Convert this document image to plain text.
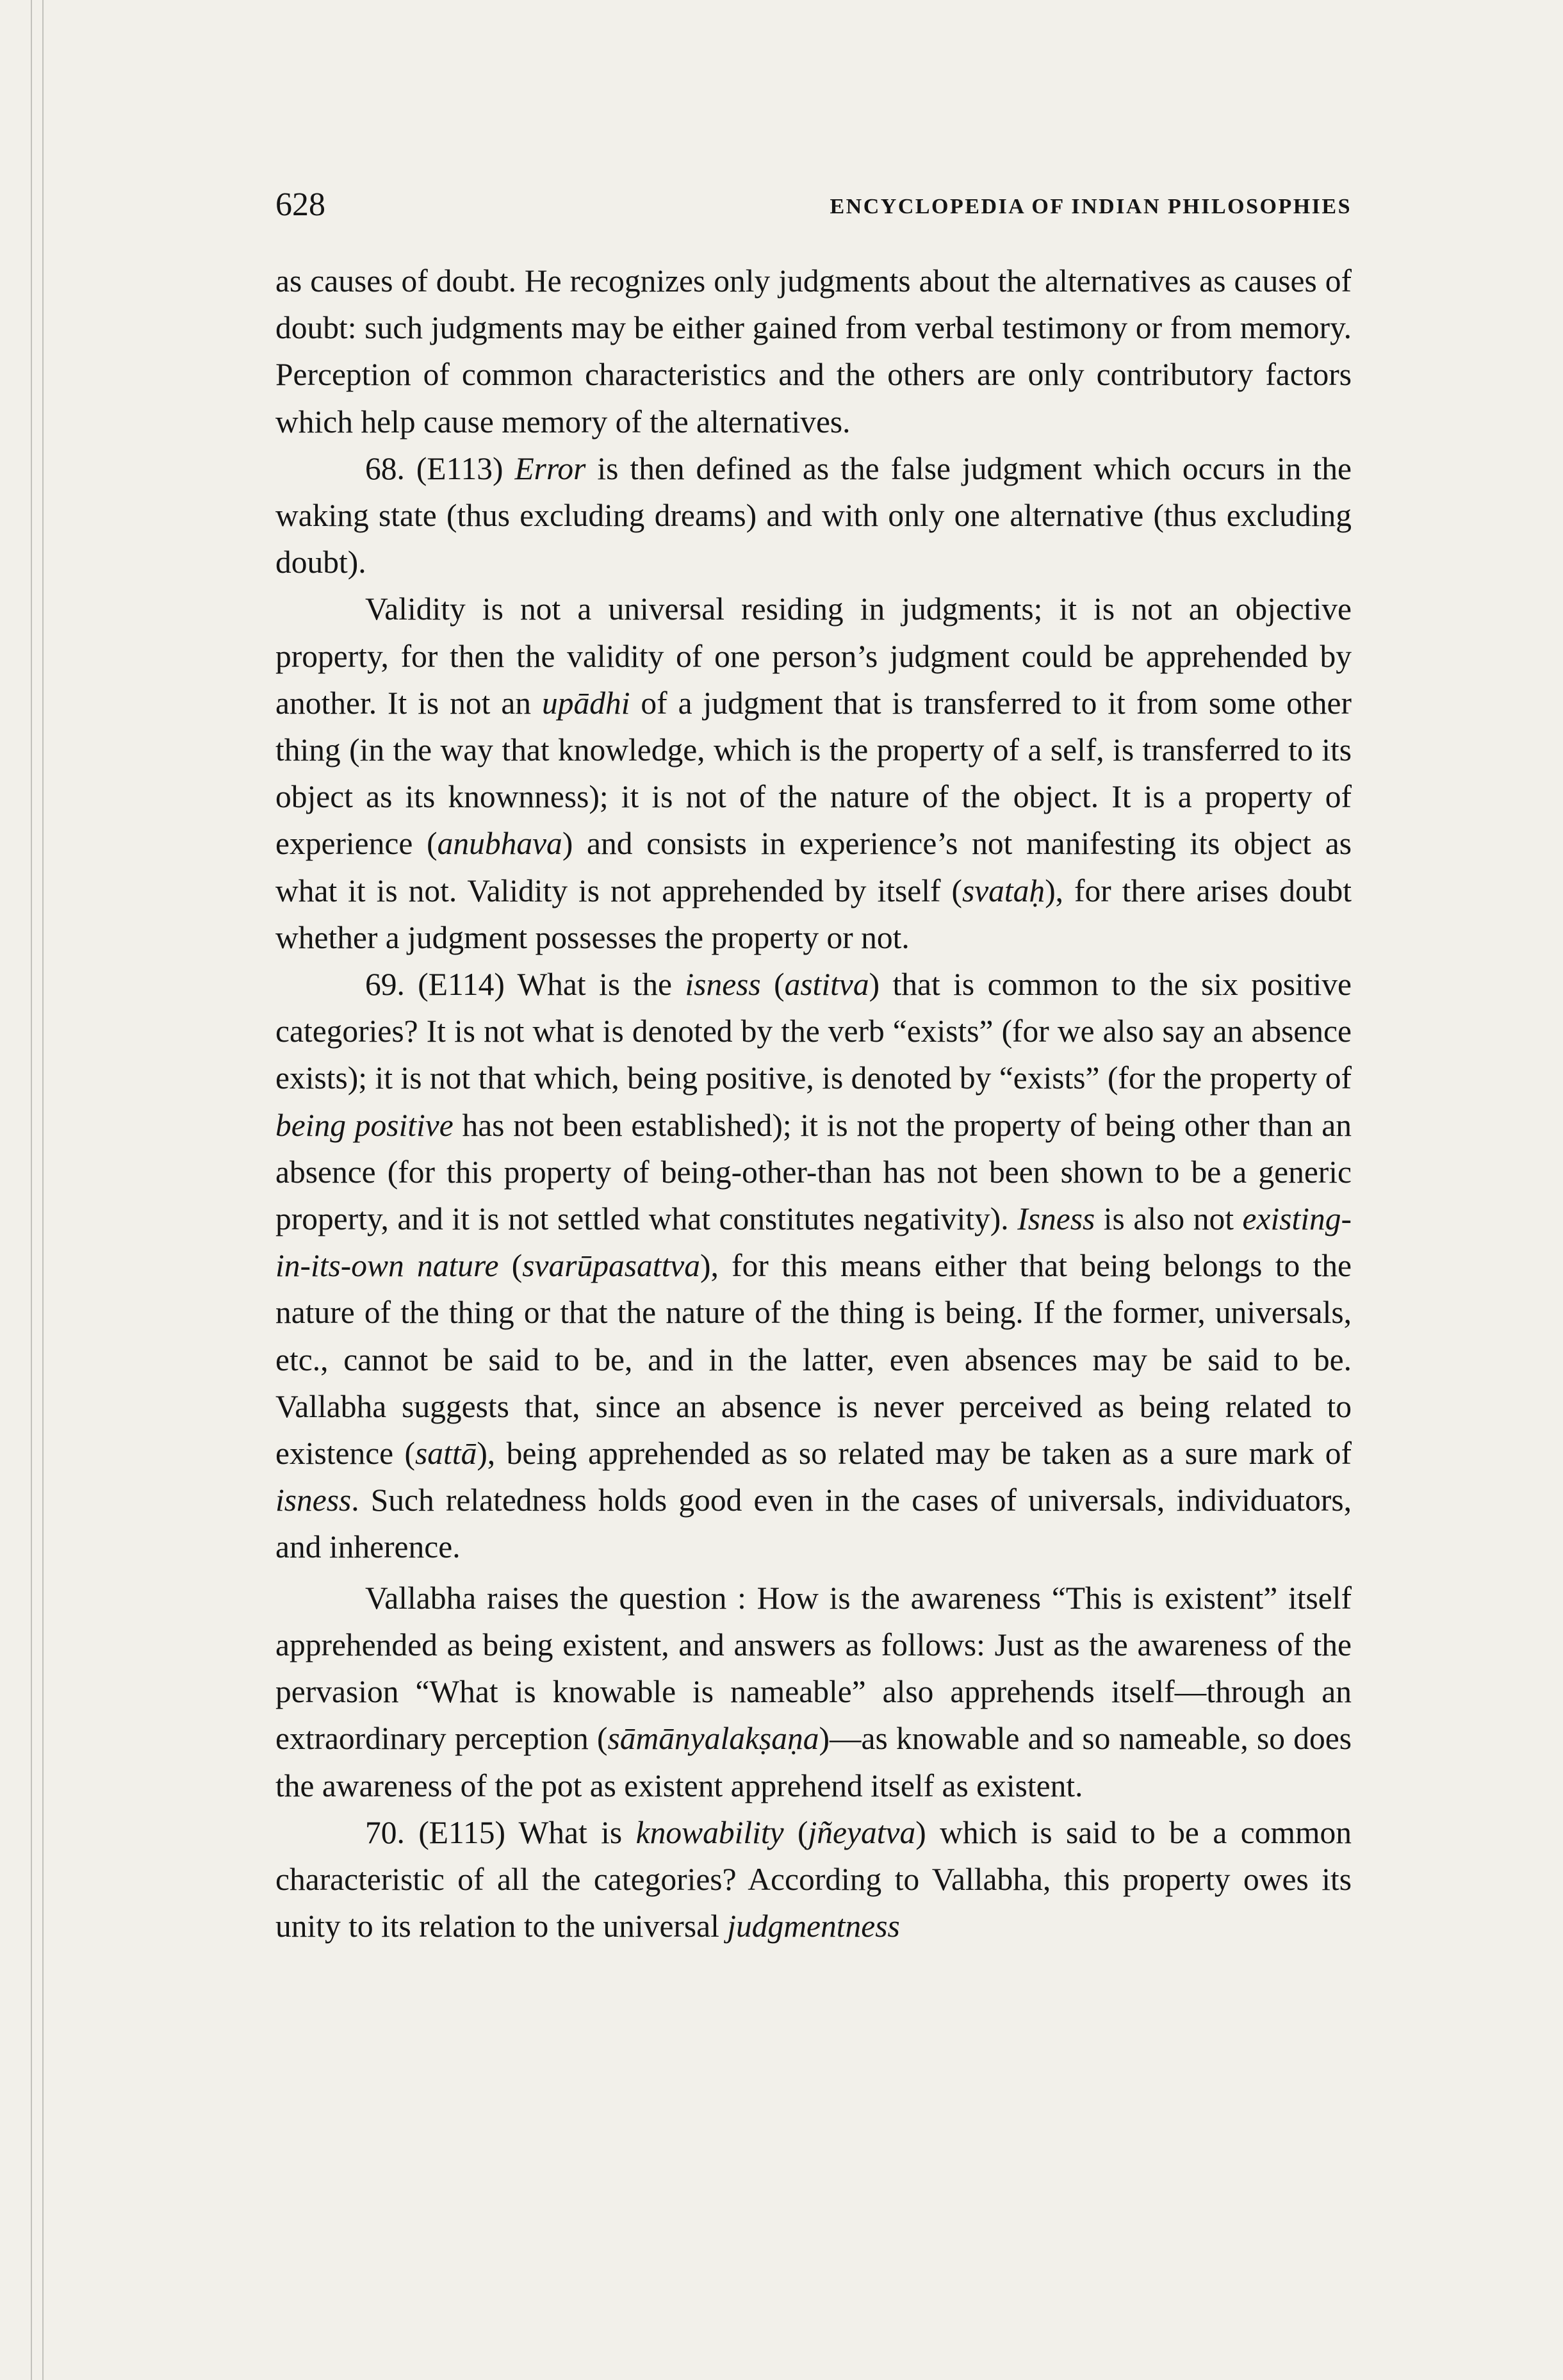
628	ENCYCLOPEDIA OF INDIAN PHILOSOPHIES

as causes of doubt. He recognizes only judgments about the alternatives as causes of doubt: such judgments may be either gained from verbal testimony or from memory. Perception of common characteristics and the others are only contributory factors which help cause memory of the alternatives.

68. (E113) Error is then defined as the false judgment which occurs in the waking state (thus excluding dreams) and with only one alternative (thus excluding doubt).

Validity is not a universal residing in judgments; it is not an objective property, for then the validity of one person’s judgment could be apprehended by another. It is not an upādhi of a judgment that is transferred to it from some other thing (in the way that knowledge, which is the property of a self, is transferred to its object as its knownness); it is not of the nature of the object. It is a property of experience (anubhava) and consists in experience’s not manifesting its object as what it is not. Validity is not apprehended by itself (svataḥ), for there arises doubt whether a judgment possesses the property or not.

69. (E114) What is the isness (astitva) that is common to the six positive categories? It is not what is denoted by the verb “exists” (for we also say an absence exists); it is not that which, being positive, is denoted by “exists” (for the property of being positive has not been established); it is not the property of being other than an absence (for this property of being-other-than has not been shown to be a generic property, and it is not settled what constitutes negativity). Isness is also not existing-in-its-own nature (svarūpasattva), for this means either that being belongs to the nature of the thing or that the nature of the thing is being. If the former, universals, etc., cannot be said to be, and in the latter, even absences may be said to be. Vallabha suggests that, since an absence is never perceived as being related to existence (sattā), being apprehended as so related may be taken as a sure mark of isness. Such relatedness holds good even in the cases of universals, individuators, and inherence.

Vallabha raises the question : How is the awareness “This is existent” itself apprehended as being existent, and answers as follows: Just as the awareness of the pervasion “What is knowable is nameable” also apprehends itself—through an extraordinary perception (sāmānyalakṣaṇa)—as knowable and so nameable, so does the awareness of the pot as existent apprehend itself as existent.

70. (E115) What is knowability (jñeyatva) which is said to be a common characteristic of all the categories? According to Vallabha, this property owes its unity to its relation to the universal judgmentness
